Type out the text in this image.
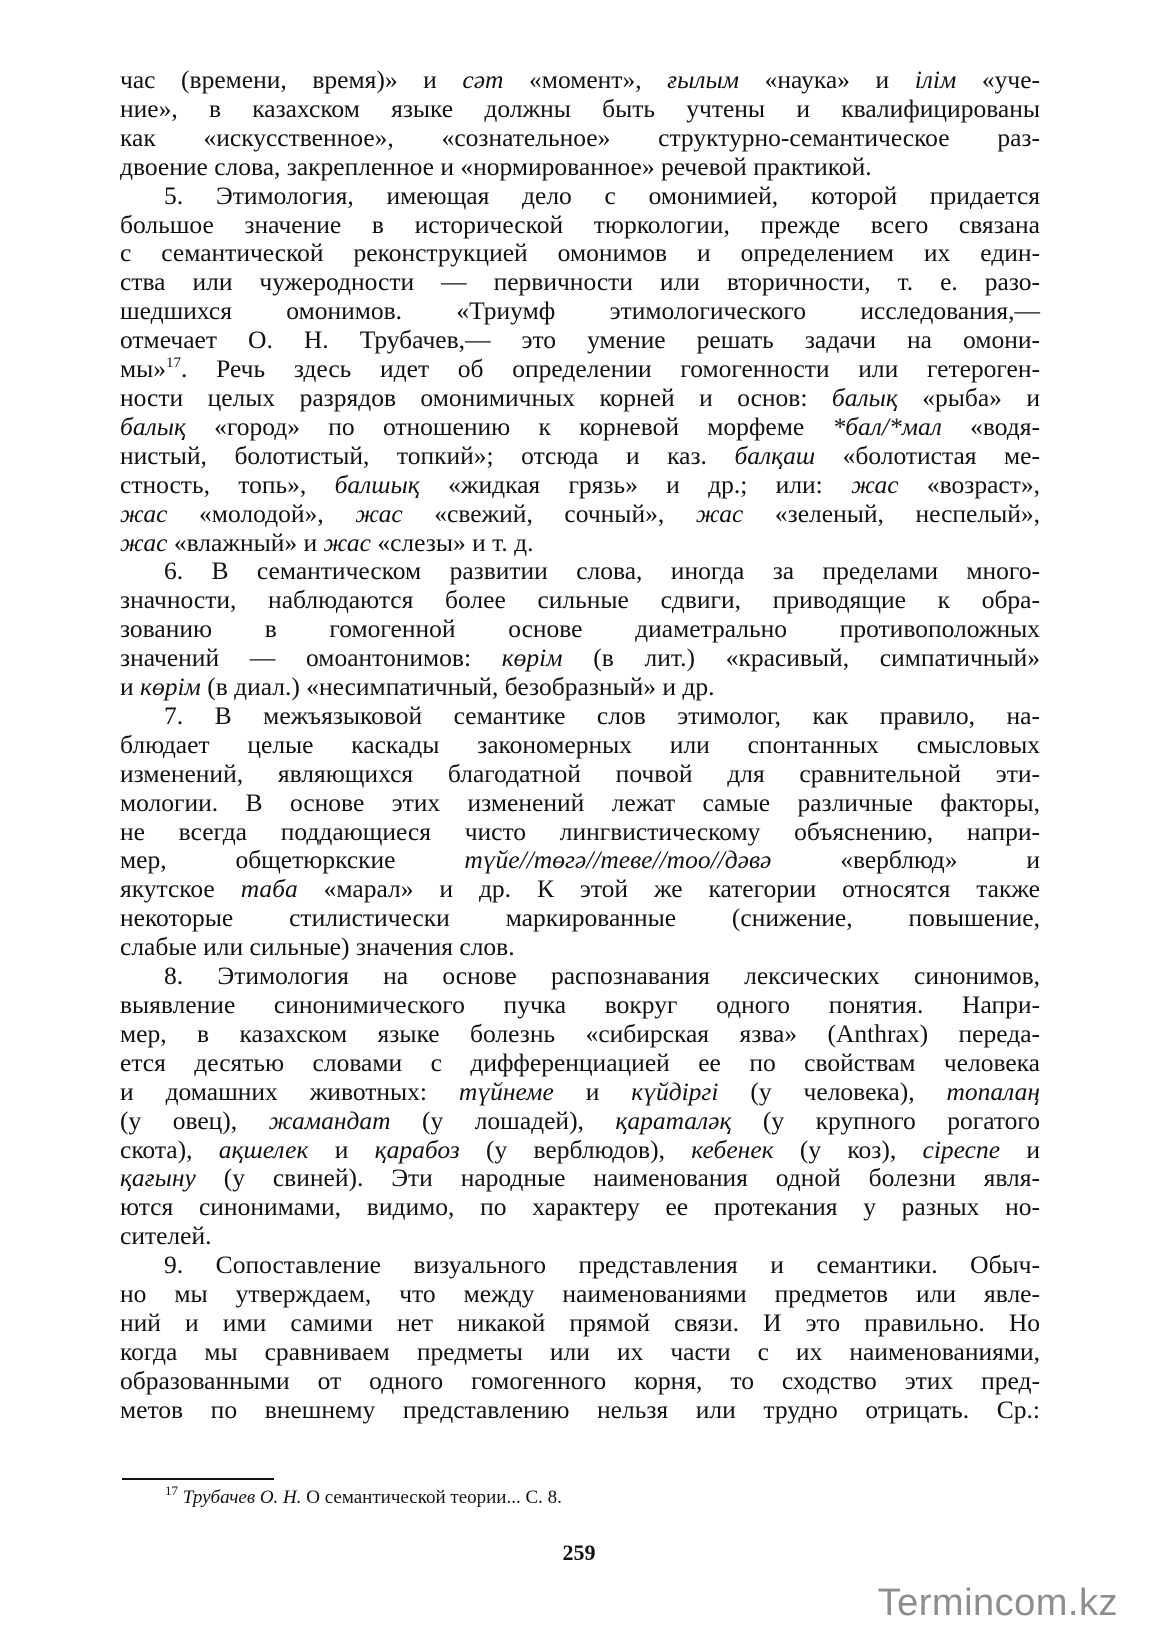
час (времени, время)» и сәт «момент», ғылым «наука» и ілім «уче-
ние», в казахском языке должны быть учтены и квалифицированы
как «искусственное», «сознательное» структурно-семантическое раз-
двоение слова, закрепленное и «нормированное» речевой практикой.
5. Этимология, имеющая дело с омонимией, которой придается
большое значение в исторической тюркологии, прежде всего связана
с семантической реконструкцией омонимов и определением их един-
ства или чужеродности — первичности или вторичности, т. е. разо-
шедшихся омонимов. «Триумф этимологического исследования,—
отмечает О. Н. Трубачев,— это умение решать задачи на омони-
мы»$^{17}$. Речь здесь идет об определении гомогенности или гетероген-
ности целых разрядов омонимичных корней и основ: балық «рыба» и
балық «город» по отношению к корневой морфеме *бал/*мал «водя-
нистый, болотистый, топкий»; отсюда и каз. балқаш «болотистая ме-
стность, топь», балшық «жидкая грязь» и др.; или: жас «возраст»,
жас «молодой», жас «свежий, сочный», жас «зеленый, неспелый»,
жас «влажный» и жас «слезы» и т. д.
6. В семантическом развитии слова, иногда за пределами много-
значности, наблюдаются более сильные сдвиги, приводящие к обра-
зованию в гомогенной основе диаметрально противоположных
значений — омоантонимов: көрім (в лит.) «красивый, симпатичный»
и көрім (в диал.) «несимпатичный, безобразный» и др.
7. В межъязыковой семантике слов этимолог, как правило, на-
блюдает целые каскады закономерных или спонтанных смысловых
изменений, являющихся благодатной почвой для сравнительной эти-
мологии. В основе этих изменений лежат самые различные факторы,
не всегда поддающиеся чисто лингвистическому объяснению, напри-
мер, общетюркские түйе//төгә//теве//тоо//дәвә «верблюд» и
якутское таба «марал» и др. К этой же категории относятся также
некоторые стилистически маркированные (снижение, повышение,
слабые или сильные) значения слов.
8. Этимология на основе распознавания лексических синонимов,
выявление синонимического пучка вокруг одного понятия. Напри-
мер, в казахском языке болезнь «сибирская язва» (Anthrax) переда-
ется десятью словами с дифференциацией ее по свойствам человека
и домашних животных: түйнеме и күйдіргі (у человека), топалаң
(у овец), жамандат (у лошадей), қараталәқ (у крупного рогатого
скота), ақшелек и қарабоз (у верблюдов), кебенек (у коз), сіреспе и
қағыну (у свиней). Эти народные наименования одной болезни явля-
ются синонимами, видимо, по характеру ее протекания у разных но-
сителей.
9. Сопоставление визуального представления и семантики. Обыч-
но мы утверждаем, что между наименованиями предметов или явле-
ний и ими самими нет никакой прямой связи. И это правильно. Но
когда мы сравниваем предметы или их части с их наименованиями,
образованными от одного гомогенного корня, то сходство этих пред-
метов по внешнему представлению нельзя или трудно отрицать. Ср.:
$^{17}$ Трубачев О. Н. О семантической теории... С. 8.
259
Termincom.kz
